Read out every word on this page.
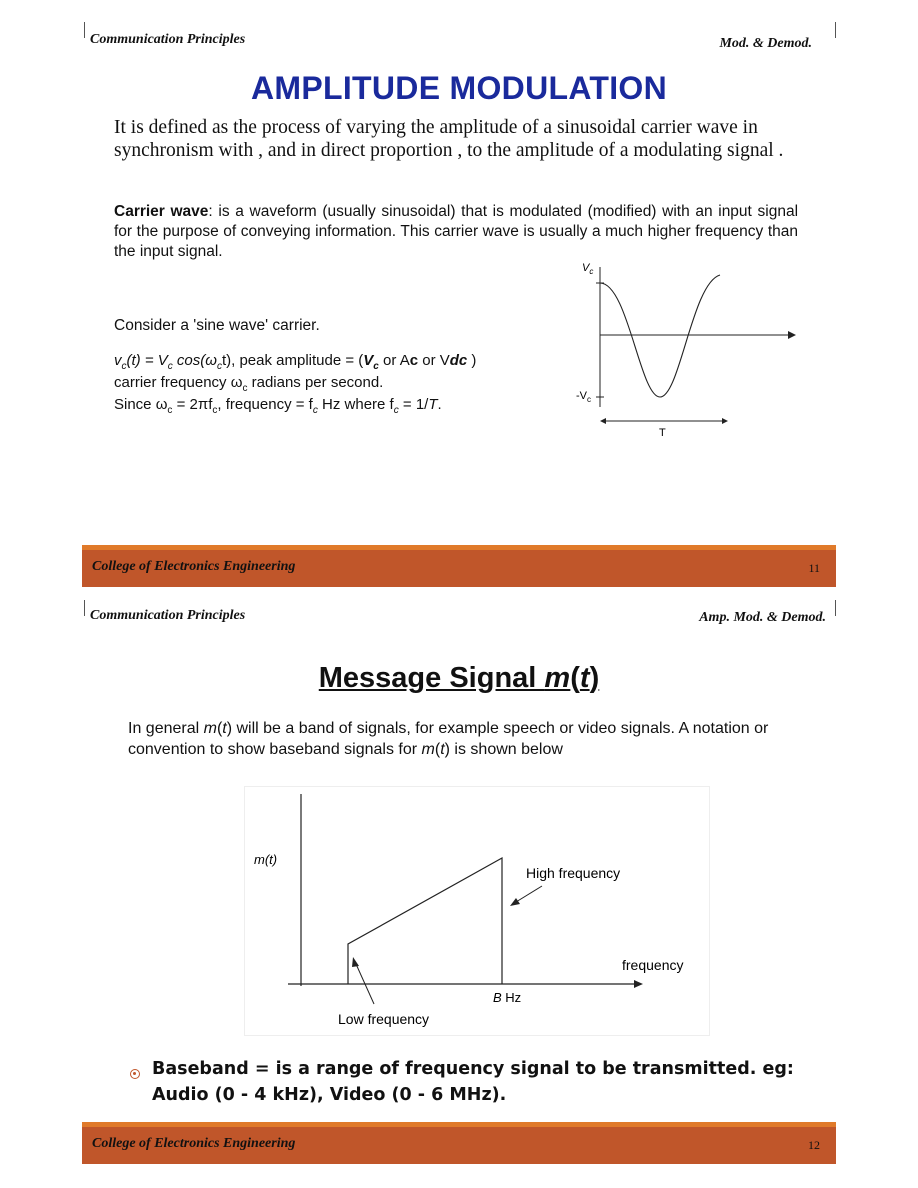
Communication Principles	Mod. & Demod.
AMPLITUDE MODULATION
It is defined as the process of varying the amplitude of a sinusoidal carrier wave in synchronism with , and in direct proportion , to the amplitude of a modulating signal .
Carrier wave: is a waveform (usually sinusoidal) that is modulated (modified) with an input signal for the purpose of conveying information. This carrier wave is usually a much higher frequency than the input signal.
Consider a 'sine wave' carrier.
$v_c(t) = V_c$ $\cos(\omega_ct)$, peak amplitude = ($V_c$ or Ac or Vdc )
carrier frequency $\omega_c$ radians per second.
Since $\omega_c = 2\pi f_c$, frequency = $f_c$ Hz where $f_c = 1/T$.
$V_c$
$-V_c$
T
College of Electronics Engineering	11
Communication Principles	Amp. Mod. & Demod.
Message Signal m(t)
In general m(t) will be a band of signals, for example speech or video signals. A notation or convention to show baseband signals for m(t) is shown below
m(t)
High frequency
frequency
B Hz
Low frequency
Baseband = is a range of frequency signal to be transmitted. eg:
Audio (0 - 4 kHz), Video (0 - 6 MHz).
College of Electronics Engineering	12
